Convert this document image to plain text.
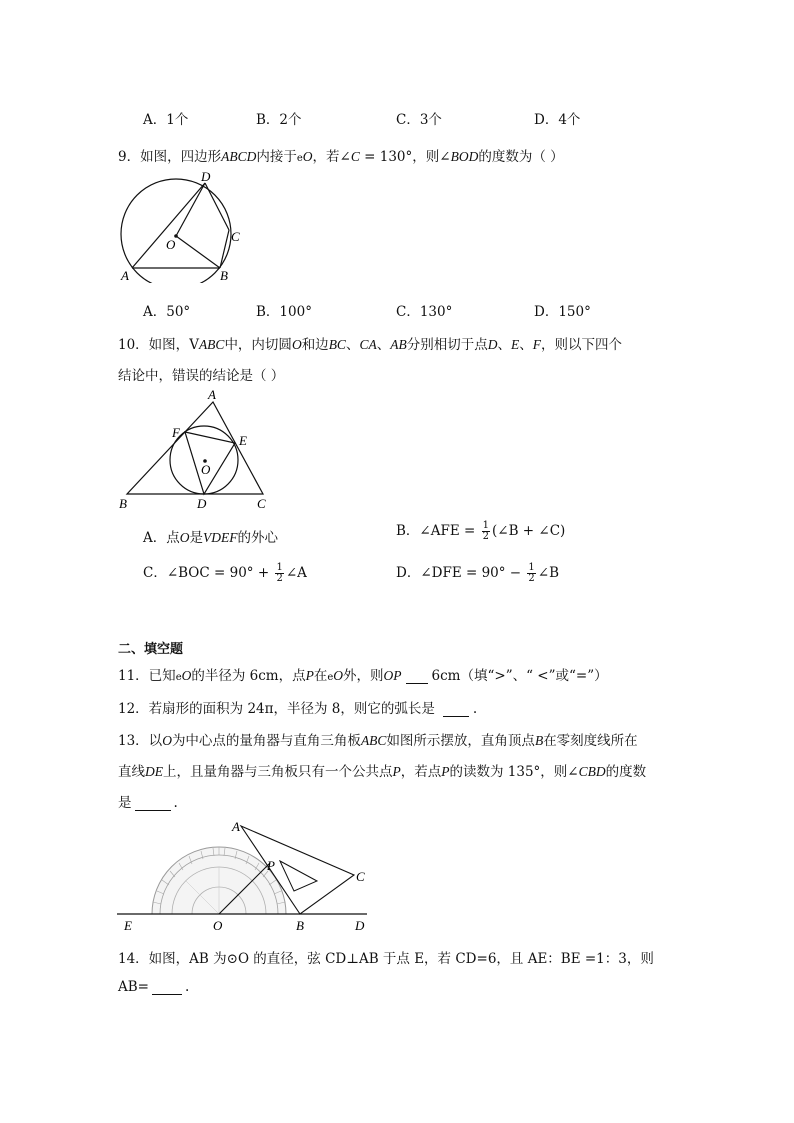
A．1个	B．2个	C．3个	D．4个
9．如图，四边形ABCD内接于eO，若∠C = 130°，则∠BOD的度数为（ ）
D
C
O
A	B
A．50°	B．100°	C．130°	D．150°
10．如图，VABC中，内切圆O和边BC、CA、AB分别相切于点D、E、F，则以下四个
结论中，错误的结论是（ ）
A
F
E
O
B	D	C
A．点O是VDEF的外心	B．∠AFE = $\frac{1}{2}$ (∠B + ∠C)
C．∠BOC = $90^\circ + \frac{1}{2}$ ∠A	D．∠DFE = $90^\circ - \frac{1}{2}$ ∠B
二、填空题
11．已知eO的半径为 6cm，点P在eO外，则OP 6cm（填“>”、“ <”或“=”）
12．若扇形的面积为 24π，半径为 8，则它的弧长是	.
13．以O为中心点的量角器与直角三角板ABC如图所示摆放，直角顶点B在零刻度线所在
直线DE上，且量角器与三角板只有一个公共点P，若点P的读数为 135°，则∠CBD的度数
是	.
A
P
C
E	O	B	D
14．如图，AB 为⊙O 的直径，弦 CD⊥AB 于点 E，若 CD=6，且 AE：BE =1：3，则
AB=	.
